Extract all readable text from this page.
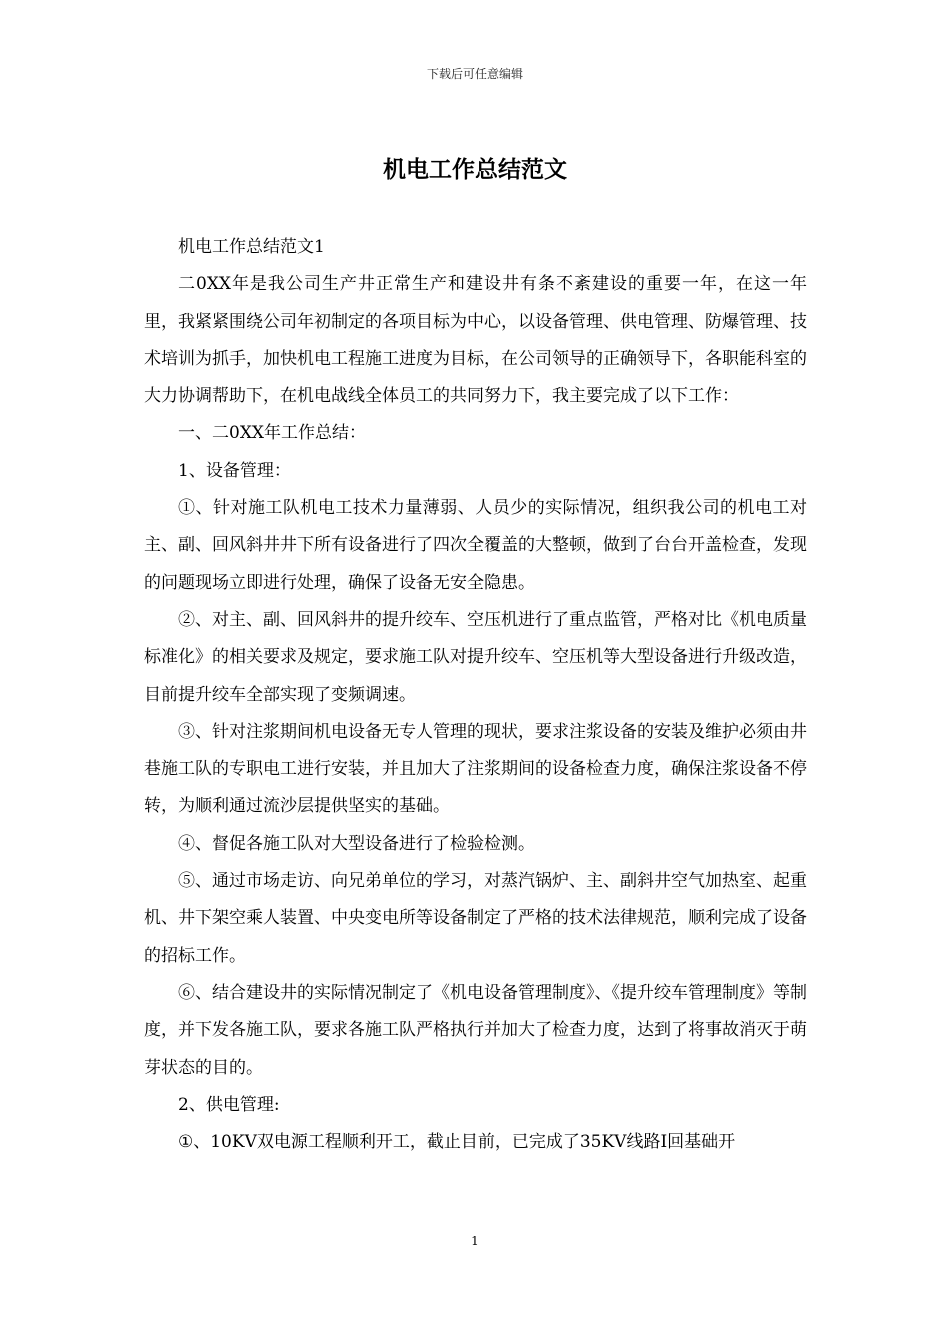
下载后可任意编辑
机电工作总结范文

机电工作总结范文1

二0XX年是我公司生产井正常生产和建设井有条不紊建设的重要一年，在这一年里，我紧紧围绕公司年初制定的各项目标为中心，以设备管理、供电管理、防爆管理、技术培训为抓手，加快机电工程施工进度为目标，在公司领导的正确领导下，各职能科室的大力协调帮助下，在机电战线全体员工的共同努力下，我主要完成了以下工作：

一、二0XX年工作总结：

1、设备管理：

①、针对施工队机电工技术力量薄弱、人员少的实际情况，组织我公司的机电工对主、副、回风斜井井下所有设备进行了四次全覆盖的大整顿，做到了台台开盖检查，发现的问题现场立即进行处理，确保了设备无安全隐患。

②、对主、副、回风斜井的提升绞车、空压机进行了重点监管，严格对比《机电质量标准化》的相关要求及规定，要求施工队对提升绞车、空压机等大型设备进行升级改造，目前提升绞车全部实现了变频调速。

③、针对注浆期间机电设备无专人管理的现状，要求注浆设备的安装及维护必须由井巷施工队的专职电工进行安装，并且加大了注浆期间的设备检查力度，确保注浆设备不停转，为顺利通过流沙层提供坚实的基础。

④、督促各施工队对大型设备进行了检验检测。

⑤、通过市场走访、向兄弟单位的学习，对蒸汽锅炉、主、副斜井空气加热室、起重机、井下架空乘人装置、中央变电所等设备制定了严格的技术法律规范，顺利完成了设备的招标工作。

⑥、结合建设井的实际情况制定了《机电设备管理制度》、《提升绞车管理制度》等制度，并下发各施工队，要求各施工队严格执行并加大了检查力度，达到了将事故消灭于萌芽状态的目的。

2、供电管理:

①、10KV双电源工程顺利开工，截止目前，已完成了35KV线路Ⅰ回基础开

1
